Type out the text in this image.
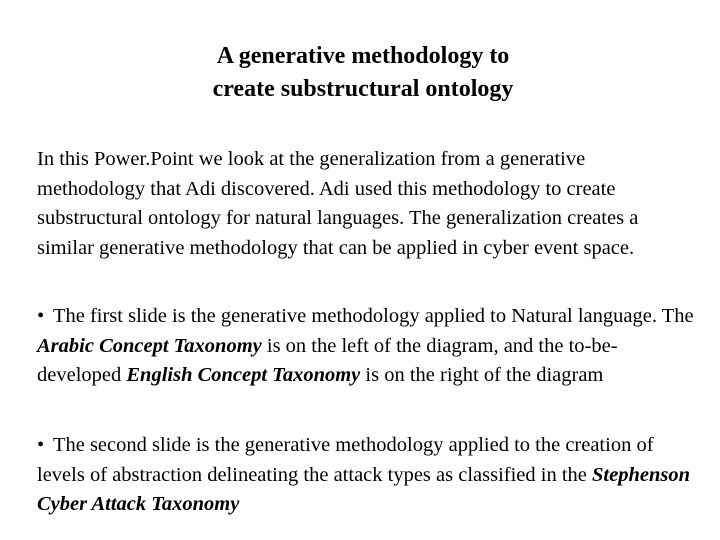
A generative methodology to
create substructural ontology
In this Power.Point we look at the generalization from a generative methodology that Adi discovered. Adi used this methodology to create substructural ontology for natural languages. The generalization creates a similar generative methodology that can be applied in cyber event space.
• The first slide is the generative methodology applied to Natural language. The Arabic Concept Taxonomy is on the left of the diagram, and the to-be-developed English Concept Taxonomy is on the right of the diagram
• The second slide is the generative methodology applied to the creation of levels of abstraction delineating the attack types as classified in the Stephenson Cyber Attack Taxonomy
